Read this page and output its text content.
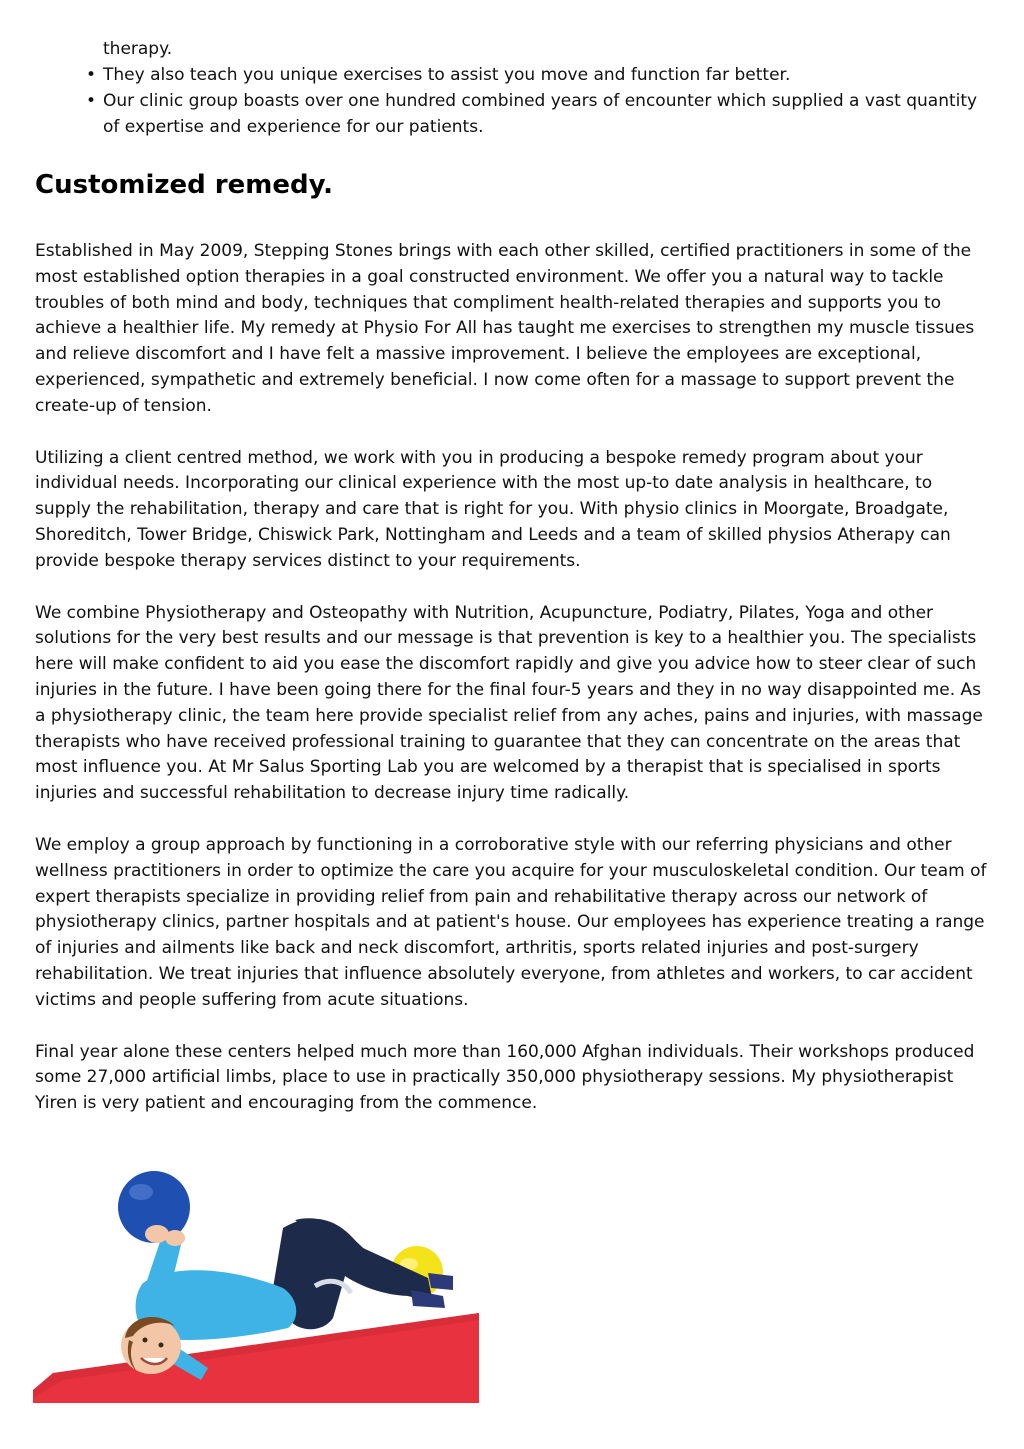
therapy.
• They also teach you unique exercises to assist you move and function far better.
• Our clinic group boasts over one hundred combined years of encounter which supplied a vast quantity of expertise and experience for our patients.
Customized remedy.

Established in May 2009, Stepping Stones brings with each other skilled, certified practitioners in some of the most established option therapies in a goal constructed environment. We offer you a natural way to tackle troubles of both mind and body, techniques that compliment health-related therapies and supports you to achieve a healthier life. My remedy at Physio For All has taught me exercises to strengthen my muscle tissues and relieve discomfort and I have felt a massive improvement. I believe the employees are exceptional, experienced, sympathetic and extremely beneficial. I now come often for a massage to support prevent the create-up of tension.

Utilizing a client centred method, we work with you in producing a bespoke remedy program about your individual needs. Incorporating our clinical experience with the most up-to date analysis in healthcare, to supply the rehabilitation, therapy and care that is right for you. With physio clinics in Moorgate, Broadgate, Shoreditch, Tower Bridge, Chiswick Park, Nottingham and Leeds and a team of skilled physios Atherapy can provide bespoke therapy services distinct to your requirements.

We combine Physiotherapy and Osteopathy with Nutrition, Acupuncture, Podiatry, Pilates, Yoga and other solutions for the very best results and our message is that prevention is key to a healthier you. The specialists here will make confident to aid you ease the discomfort rapidly and give you advice how to steer clear of such injuries in the future. I have been going there for the final four-5 years and they in no way disappointed me. As a physiotherapy clinic, the team here provide specialist relief from any aches, pains and injuries, with massage therapists who have received professional training to guarantee that they can concentrate on the areas that most influence you. At Mr Salus Sporting Lab you are welcomed by a therapist that is specialised in sports injuries and successful rehabilitation to decrease injury time radically.

We employ a group approach by functioning in a corroborative style with our referring physicians and other wellness practitioners in order to optimize the care you acquire for your musculoskeletal condition. Our team of expert therapists specialize in providing relief from pain and rehabilitative therapy across our network of physiotherapy clinics, partner hospitals and at patient's house. Our employees has experience treating a range of injuries and ailments like back and neck discomfort, arthritis, sports related injuries and post-surgery rehabilitation. We treat injuries that influence absolutely everyone, from athletes and workers, to car accident victims and people suffering from acute situations.

Final year alone these centers helped much more than 160,000 Afghan individuals. Their workshops produced some 27,000 artificial limbs, place to use in practically 350,000 physiotherapy sessions. My physiotherapist Yiren is very patient and encouraging from the commence.
